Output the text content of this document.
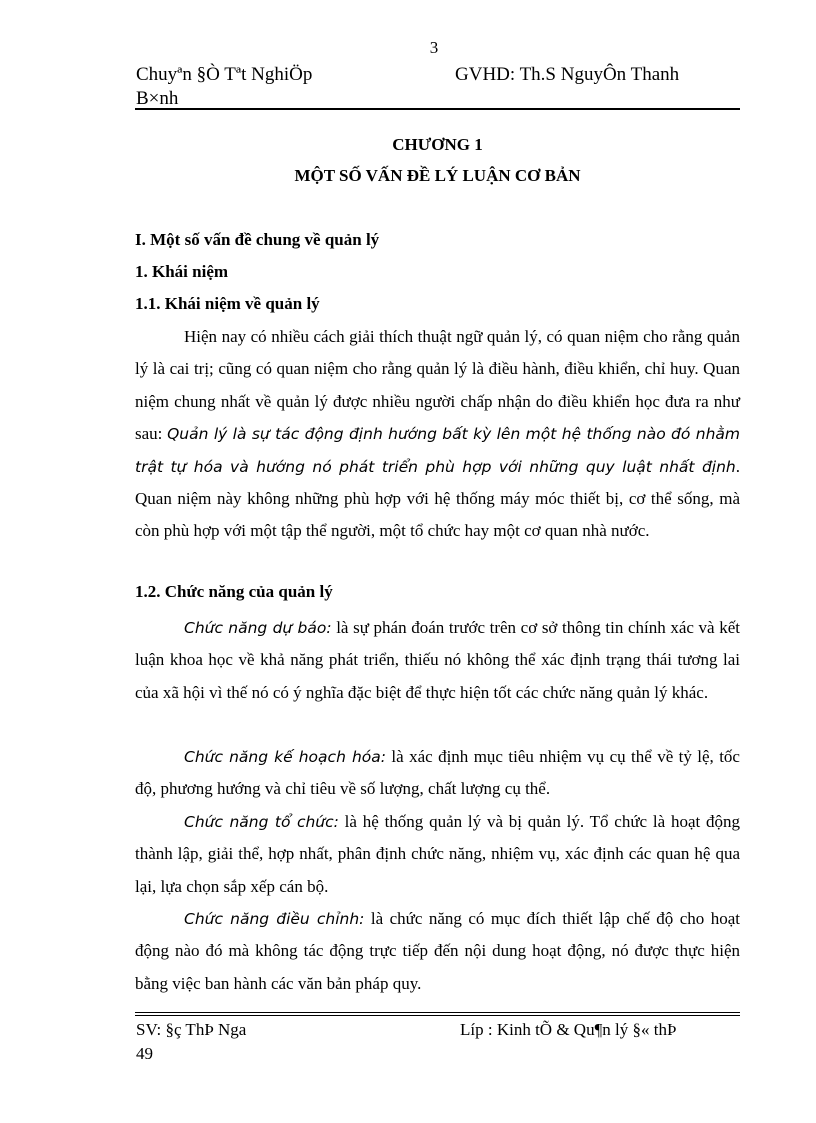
3
Chuyªn §Ò Tªt NghiÖp
B×nh
GVHD: Th.S NguyÔn Thanh
CHƯƠNG 1
MỘT SỐ VẤN ĐỀ LÝ LUẬN CƠ BẢN
I. Một số vấn đề chung về quản lý
1. Khái niệm
1.1. Khái niệm về quản lý

Hiện nay có nhiều cách giải thích thuật ngữ quản lý, có quan niệm cho rằng quản lý là cai trị; cũng có quan niệm cho rằng quản lý là điều hành, điều khiển, chỉ huy. Quan niệm chung nhất về quản lý được nhiều người chấp nhận do điều khiển học đưa ra như sau: Quản lý là sự tác động định hướng bất kỳ lên một hệ thống nào đó nhằm trật tự hóa và hướng nó phát triển phù hợp với những quy luật nhất định. Quan niệm này không những phù hợp với hệ thống máy móc thiết bị, cơ thể sống, mà còn phù hợp với một tập thể người, một tổ chức hay một cơ quan nhà nước.

1.2. Chức năng của quản lý

Chức năng dự báo: là sự phán đoán trước trên cơ sở thông tin chính xác và kết luận khoa học về khả năng phát triển, thiếu nó không thể xác định trạng thái tương lai của xã hội vì thế nó có ý nghĩa đặc biệt để thực hiện tốt các chức năng quản lý khác.

Chức năng kế hoạch hóa: là xác định mục tiêu nhiệm vụ cụ thể về tỷ lệ, tốc độ, phương hướng và chỉ tiêu về số lượng, chất lượng cụ thể.

Chức năng tổ chức: là hệ thống quản lý và bị quản lý. Tổ chức là hoạt động thành lập, giải thể, hợp nhất, phân định chức năng, nhiệm vụ, xác định các quan hệ qua lại, lựa chọn sắp xếp cán bộ.

Chức năng điều chỉnh: là chức năng có mục đích thiết lập chế độ cho hoạt động nào đó mà không tác động trực tiếp đến nội dung hoạt động, nó được thực hiện bằng việc ban hành các văn bản pháp quy.

SV: §ç ThÞ Nga
49
Líp : Kinh tÕ & Qu¶n lý §« thÞ
